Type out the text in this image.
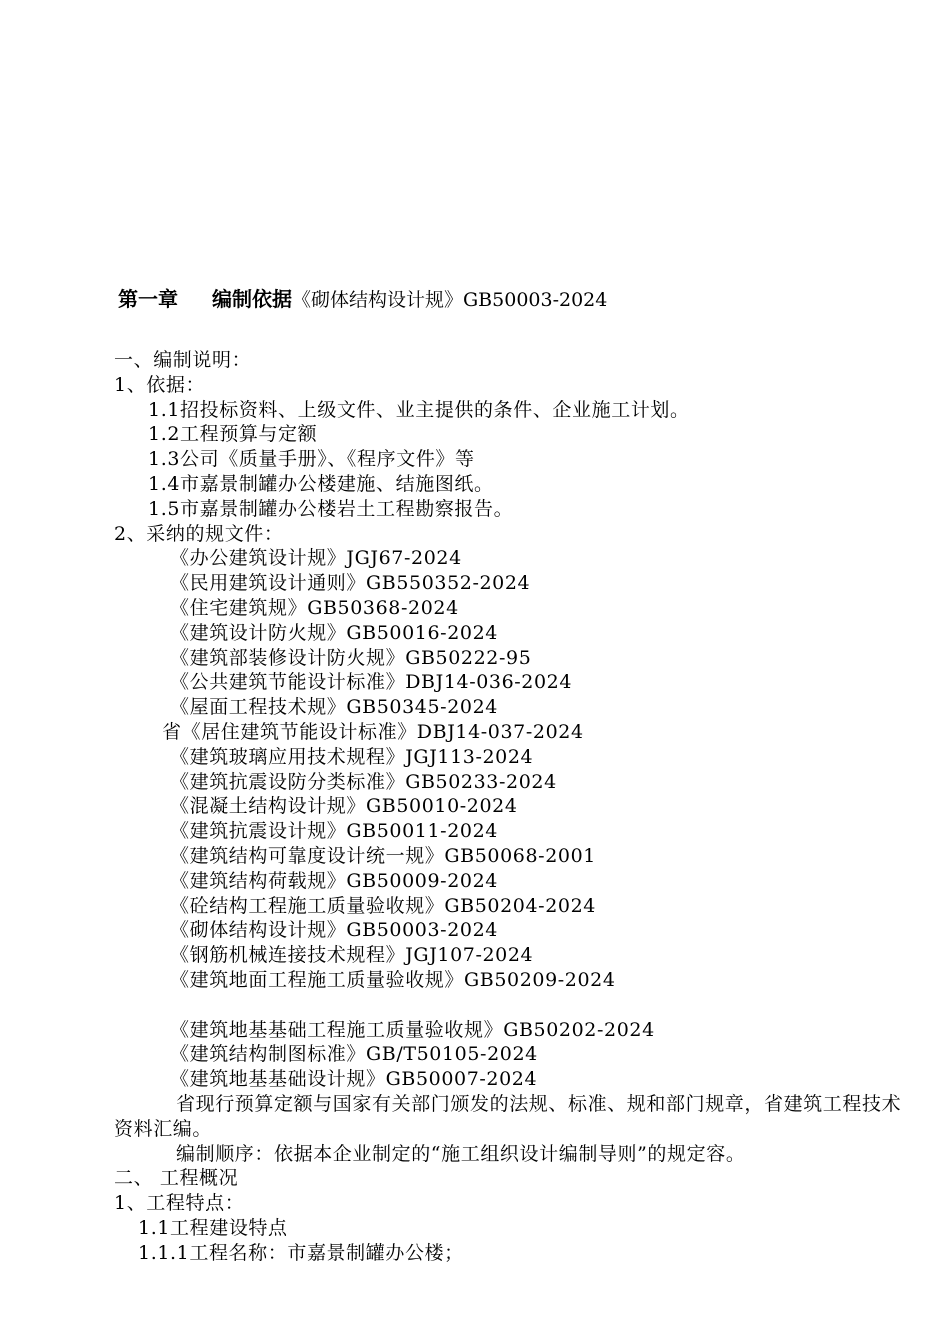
第一章 编制依据《砌体结构设计规》GB50003-2024
一、编制说明：
1、依据：
1.1招投标资料、上级文件、业主提供的条件、企业施工计划。
1.2工程预算与定额
1.3公司《质量手册》、《程序文件》等
1.4市嘉景制罐办公楼建施、结施图纸。
1.5市嘉景制罐办公楼岩土工程勘察报告。
2、采纳的规文件：
《办公建筑设计规》JGJ67-2024
《民用建筑设计通则》GB550352-2024
《住宅建筑规》GB50368-2024
《建筑设计防火规》GB50016-2024
《建筑部装修设计防火规》GB50222-95
《公共建筑节能设计标准》DBJ14-036-2024
《屋面工程技术规》GB50345-2024
省《居住建筑节能设计标准》DBJ14-037-2024
《建筑玻璃应用技术规程》JGJ113-2024
《建筑抗震设防分类标准》GB50233-2024
《混凝土结构设计规》GB50010-2024
《建筑抗震设计规》GB50011-2024
《建筑结构可靠度设计统一规》GB50068-2001
《建筑结构荷载规》GB50009-2024
《砼结构工程施工质量验收规》GB50204-2024
《砌体结构设计规》GB50003-2024
《钢筋机械连接技术规程》JGJ107-2024
《建筑地面工程施工质量验收规》GB50209-2024
《建筑地基基础工程施工质量验收规》GB50202-2024
《建筑结构制图标准》GB/T50105-2024
《建筑地基基础设计规》GB50007-2024
省现行预算定额与国家有关部门颁发的法规、标准、规和部门规章，省建筑工程技术资料汇编。
编制顺序：依据本企业制定的“施工组织设计编制导则”的规定容。
二、 工程概况
1、工程特点：
1.1工程建设特点
1.1.1工程名称：市嘉景制罐办公楼；
